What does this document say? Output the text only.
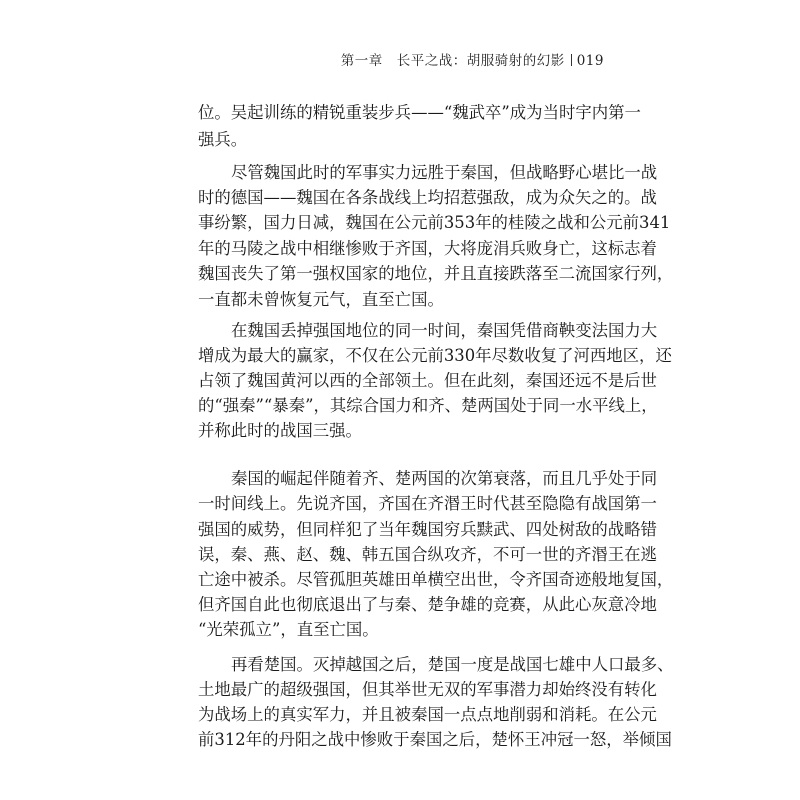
第一章　长平之战：胡服骑射的幻影 019
位。吴起训练的精锐重装步兵——“魏武卒”成为当时宇内第一
强兵。
尽管魏国此时的军事实力远胜于秦国，但战略野心堪比一战
时的德国——魏国在各条战线上均招惹强敌，成为众矢之的。战
事纷繁，国力日减，魏国在公元前353年的桂陵之战和公元前341
年的马陵之战中相继惨败于齐国，大将庞涓兵败身亡，这标志着
魏国丧失了第一强权国家的地位，并且直接跌落至二流国家行列，
一直都未曾恢复元气，直至亡国。
在魏国丢掉强国地位的同一时间，秦国凭借商鞅变法国力大
增成为最大的赢家，不仅在公元前330年尽数收复了河西地区，还
占领了魏国黄河以西的全部领土。但在此刻，秦国还远不是后世
的“强秦”“暴秦”，其综合国力和齐、楚两国处于同一水平线上，
并称此时的战国三强。
秦国的崛起伴随着齐、楚两国的次第衰落，而且几乎处于同
一时间线上。先说齐国，齐国在齐湣王时代甚至隐隐有战国第一
强国的威势，但同样犯了当年魏国穷兵黩武、四处树敌的战略错
误，秦、燕、赵、魏、韩五国合纵攻齐，不可一世的齐湣王在逃
亡途中被杀。尽管孤胆英雄田单横空出世，令齐国奇迹般地复国，
但齐国自此也彻底退出了与秦、楚争雄的竞赛，从此心灰意冷地
“光荣孤立”，直至亡国。
再看楚国。灭掉越国之后，楚国一度是战国七雄中人口最多、
土地最广的超级强国，但其举世无双的军事潜力却始终没有转化
为战场上的真实军力，并且被秦国一点点地削弱和消耗。在公元
前312年的丹阳之战中惨败于秦国之后，楚怀王冲冠一怒，举倾国
